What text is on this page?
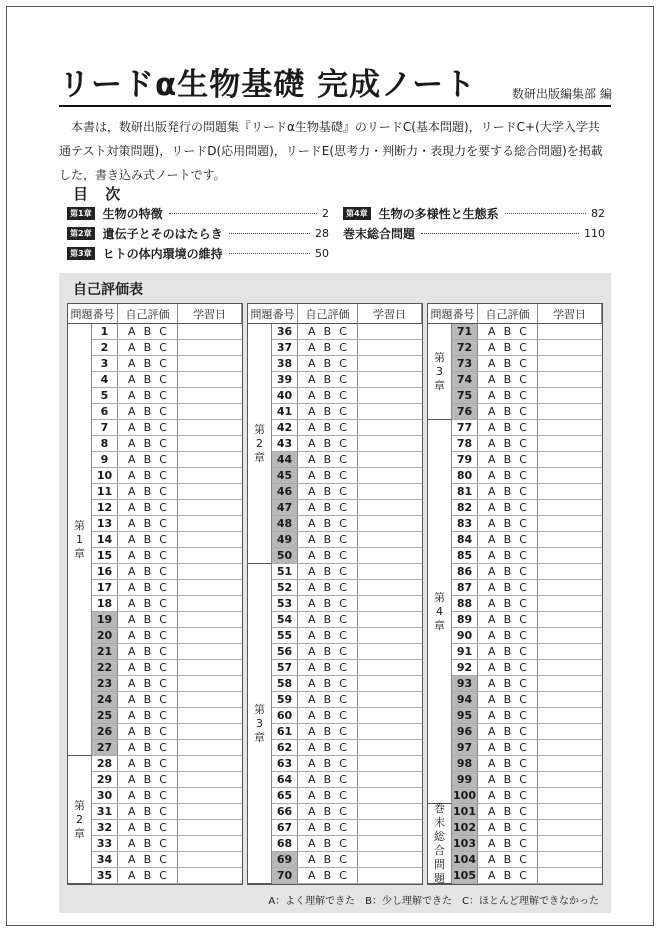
リードα生物基礎 完成ノート	数研出版編集部 編
本書は，数研出版発行の問題集『リードα生物基礎』のリードC(基本問題)，リードC+(大学入学共通テスト対策問題)，リードD(応用問題)，リードE(思考力・判断力・表現力を要する総合問題)を掲載した，書き込み式ノートです。
目 次
第1章 生物の特徴	2
第2章 遺伝子とそのはたらき	28
第3章 ヒトの体内環境の維持	50
第4章 生物の多様性と生態系	82
巻末総合問題	110
自己評価表
問題番号	自己評価	学習日
第1章
第2章
1	A B C
2	A B C
3	A B C
4	A B C
5	A B C
6	A B C
7	A B C
8	A B C
9	A B C
10	A B C
11	A B C
12	A B C
13	A B C
14	A B C
15	A B C
16	A B C
17	A B C
18	A B C
19	A B C
20	A B C
21	A B C
22	A B C
23	A B C
24	A B C
25	A B C
26	A B C
27	A B C
28	A B C
29	A B C
30	A B C
31	A B C
32	A B C
33	A B C
34	A B C
35	A B C
問題番号	自己評価	学習日
第2章
第3章
36	A B C
37	A B C
38	A B C
39	A B C
40	A B C
41	A B C
42	A B C
43	A B C
44	A B C
45	A B C
46	A B C
47	A B C
48	A B C
49	A B C
50	A B C
51	A B C
52	A B C
53	A B C
54	A B C
55	A B C
56	A B C
57	A B C
58	A B C
59	A B C
60	A B C
61	A B C
62	A B C
63	A B C
64	A B C
65	A B C
66	A B C
67	A B C
68	A B C
69	A B C
70	A B C
問題番号	自己評価	学習日
第3章
第4章
巻末総合問題
71	A B C
72	A B C
73	A B C
74	A B C
75	A B C
76	A B C
77	A B C
78	A B C
79	A B C
80	A B C
81	A B C
82	A B C
83	A B C
84	A B C
85	A B C
86	A B C
87	A B C
88	A B C
89	A B C
90	A B C
91	A B C
92	A B C
93	A B C
94	A B C
95	A B C
96	A B C
97	A B C
98	A B C
99	A B C
100 A B C
101 A B C
102 A B C
103 A B C
104 A B C
105 A B C
A：よく理解できた　B：少し理解できた　C：ほとんど理解できなかった
